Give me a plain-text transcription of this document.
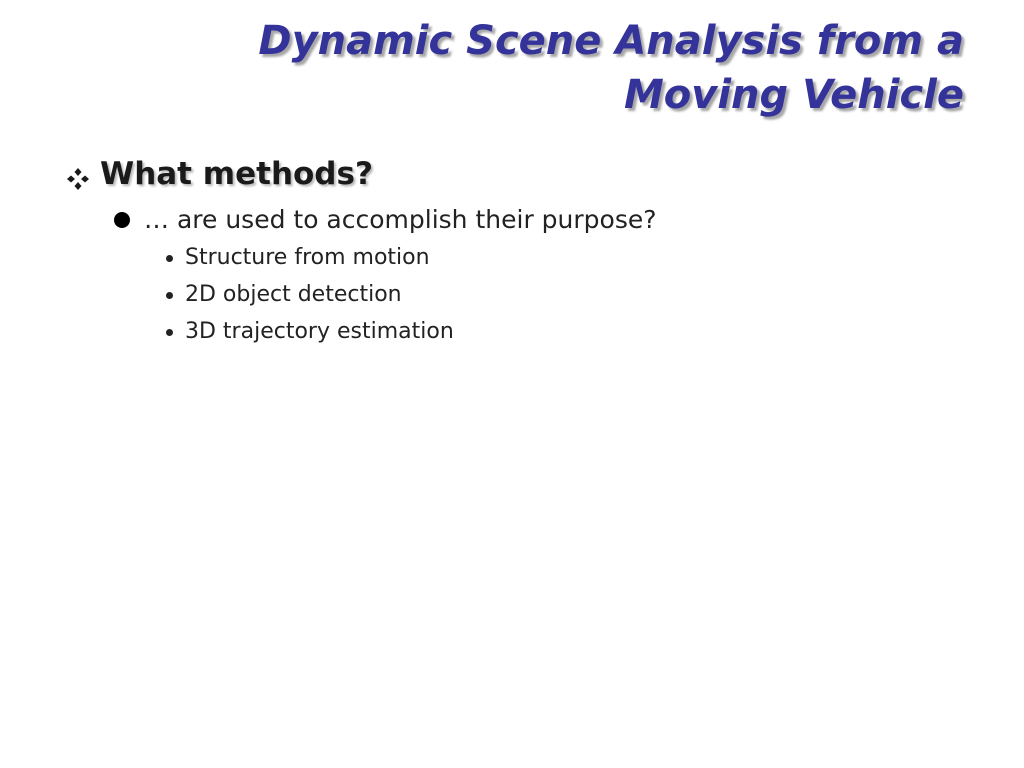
Dynamic Scene Analysis from a
Moving Vehicle
What methods?
… are used to accomplish their purpose?
Structure from motion
2D object detection
3D trajectory estimation
